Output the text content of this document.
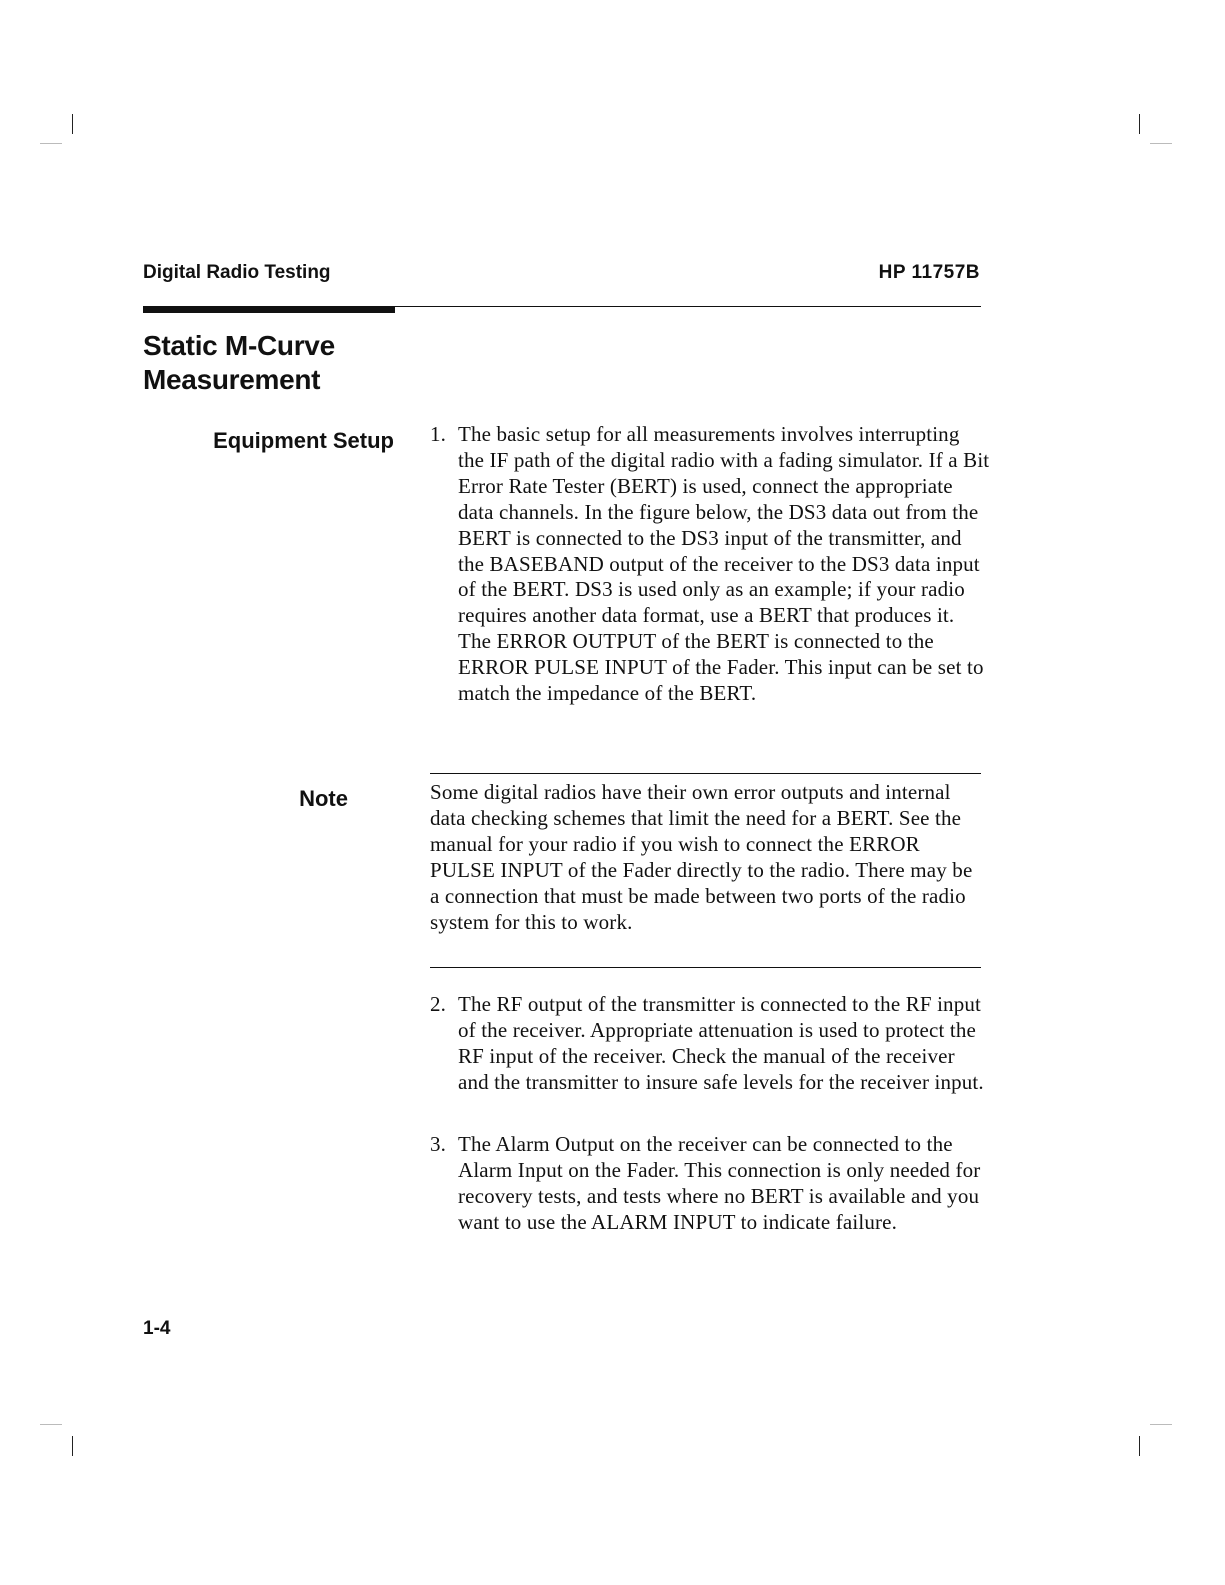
Digital Radio Testing	HP 11757B
Static M-Curve Measurement
Equipment Setup
Note
1. The basic setup for all measurements involves interrupting the IF path of the digital radio with a fading simulator. If a Bit Error Rate Tester (BERT) is used, connect the appropriate data channels. In the figure below, the DS3 data out from the BERT is connected to the DS3 input of the transmitter, and the BASEBAND output of the receiver to the DS3 data input of the BERT. DS3 is used only as an example; if your radio requires another data format, use a BERT that produces it. The ERROR OUTPUT of the BERT is connected to the ERROR PULSE INPUT of the Fader. This input can be set to match the impedance of the BERT.
Some digital radios have their own error outputs and internal data checking schemes that limit the need for a BERT. See the manual for your radio if you wish to connect the ERROR PULSE INPUT of the Fader directly to the radio. There may be a connection that must be made between two ports of the radio system for this to work.
2. The RF output of the transmitter is connected to the RF input of the receiver. Appropriate attenuation is used to protect the RF input of the receiver. Check the manual of the receiver and the transmitter to insure safe levels for the receiver input.
3. The Alarm Output on the receiver can be connected to the Alarm Input on the Fader. This connection is only needed for recovery tests, and tests where no BERT is available and you want to use the ALARM INPUT to indicate failure.
1-4
